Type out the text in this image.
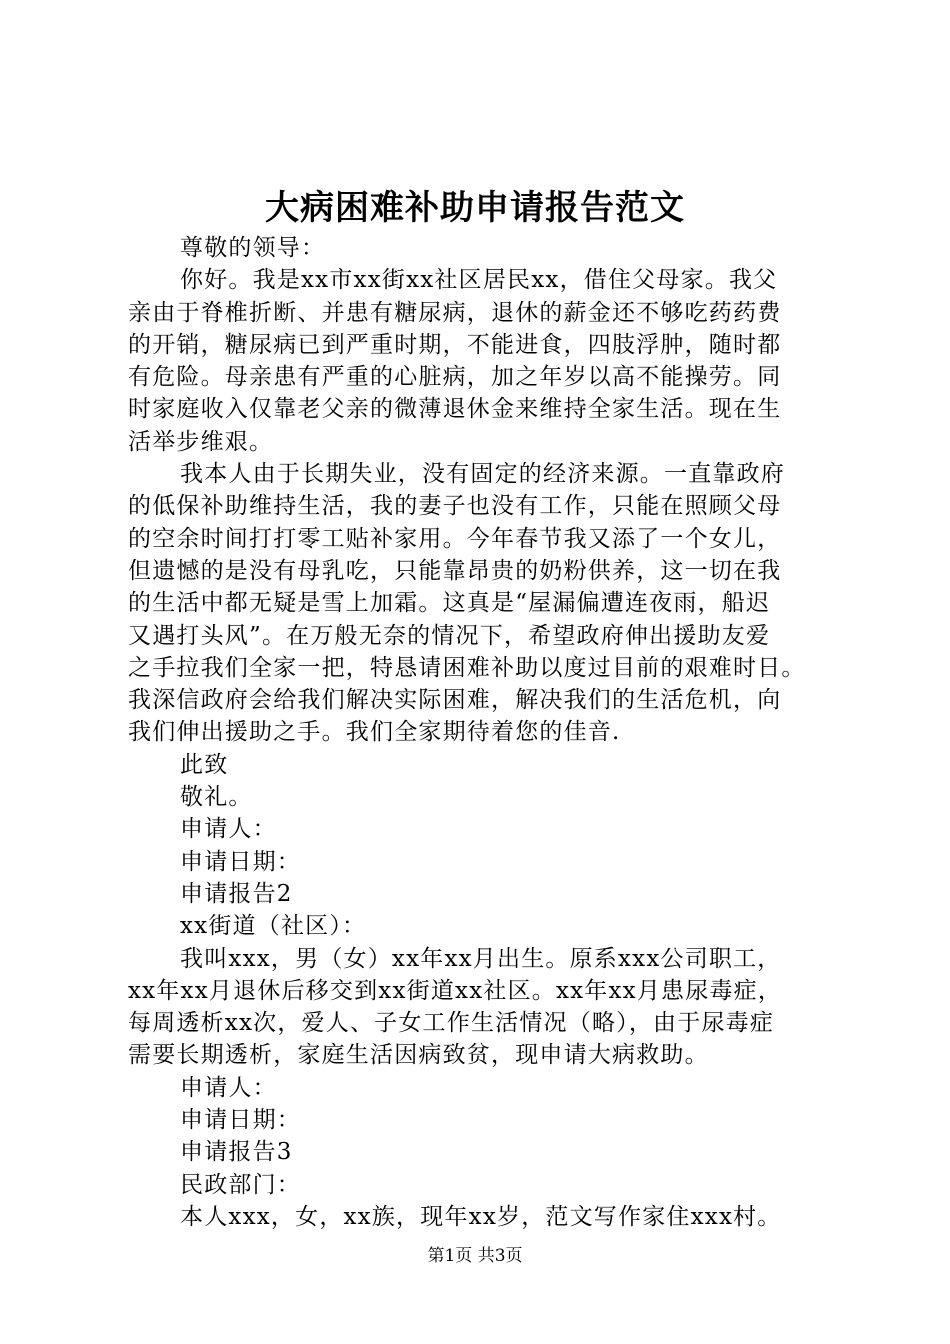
大病困难补助申请报告范文

尊敬的领导：

你好。我是xx市xx街xx社区居民xx，借住父母家。我父

亲由于脊椎折断、并患有糖尿病，退休的薪金还不够吃药药费

的开销，糖尿病已到严重时期，不能进食，四肢浮肿，随时都

有危险。母亲患有严重的心脏病，加之年岁以高不能操劳。同

时家庭收入仅靠老父亲的微薄退休金来维持全家生活。现在生

活举步维艰。

我本人由于长期失业，没有固定的经济来源。一直靠政府

的低保补助维持生活，我的妻子也没有工作，只能在照顾父母

的空余时间打打零工贴补家用。今年春节我又添了一个女儿，

但遗憾的是没有母乳吃，只能靠昂贵的奶粉供养，这一切在我

的生活中都无疑是雪上加霜。这真是“屋漏偏遭连夜雨，船迟

又遇打头风”。在万般无奈的情况下，希望政府伸出援助友爱

之手拉我们全家一把，特恳请困难补助以度过目前的艰难时日。

我深信政府会给我们解决实际困难，解决我们的生活危机，向

我们伸出援助之手。我们全家期待着您的佳音.

此致

敬礼。

申请人：

申请日期：

申请报告2

xx街道（社区）：

我叫xxx，男（女）xx年xx月出生。原系xxx公司职工，

xx年xx月退休后移交到xx街道xx社区。xx年xx月患尿毒症，

每周透析xx次，爱人、子女工作生活情况（略），由于尿毒症

需要长期透析，家庭生活因病致贫，现申请大病救助。

申请人：

申请日期：

申请报告3

民政部门：

本人xxx，女，xx族，现年xx岁，范文写作家住xxx村。

第1页 共3页
